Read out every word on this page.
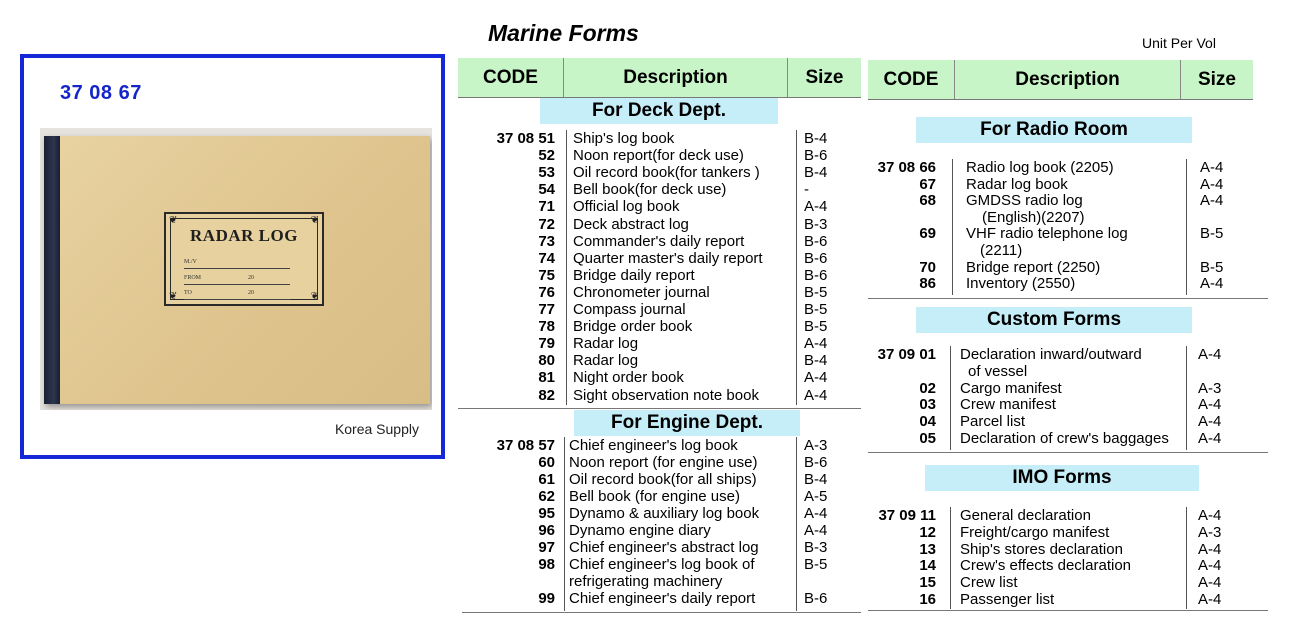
37 08 67
❦	❦
❦	❦
RADAR LOG
M./V
FROM	20
TO	20
Korea Supply
Marine Forms	Unit Per Vol
CODE	Description	Size	CODE	Description	Size
For Deck Dept.
For Engine Dept.
For Radio Room
Custom Forms
IMO Forms
37 08 51 Ship's log book	B-4
52 Noon report(for deck use)	B-6
53 Oil record book(for tankers )	B-4
54 Bell book(for deck use)	-
71 Official log book	A-4
72 Deck abstract log	B-3
73 Commander's daily report	B-6
74 Quarter master's daily report	B-6
75 Bridge daily report	B-6
76 Chronometer journal	B-5
77 Compass journal	B-5
78 Bridge order book	B-5
79 Radar log	A-4
80 Radar log	B-4
81 Night order book	A-4
82 Sight observation note book	A-4
37 08 57 Chief engineer's log book	A-3
60 Noon report (for engine use)	B-6
61 Oil record book(for all ships)	B-4
62 Bell book (for engine use)	A-5
95 Dynamo & auxiliary log book	A-4
96 Dynamo engine diary	A-4
97 Chief engineer's abstract log	B-3
98 Chief engineer's log book of	B-5
refrigerating machinery
99 Chief engineer's daily report	B-6
37 08 66 Radio log book (2205)	A-4
67 Radar log book	A-4
68 GMDSS radio log	A-4
(English)(2207)
69 VHF radio telephone log	B-5
(2211)
70 Bridge report (2250)	B-5
86 Inventory (2550)	A-4
37 09 01 Declaration inward/outward	A-4
of vessel
02 Cargo manifest	A-3
03 Crew manifest	A-4
04 Parcel list	A-4
05 Declaration of crew's baggages A-4
37 09 11 General declaration	A-4
12 Freight/cargo manifest	A-3
13 Ship's stores declaration	A-4
14 Crew's effects declaration	A-4
15 Crew list	A-4
16 Passenger list	A-4
